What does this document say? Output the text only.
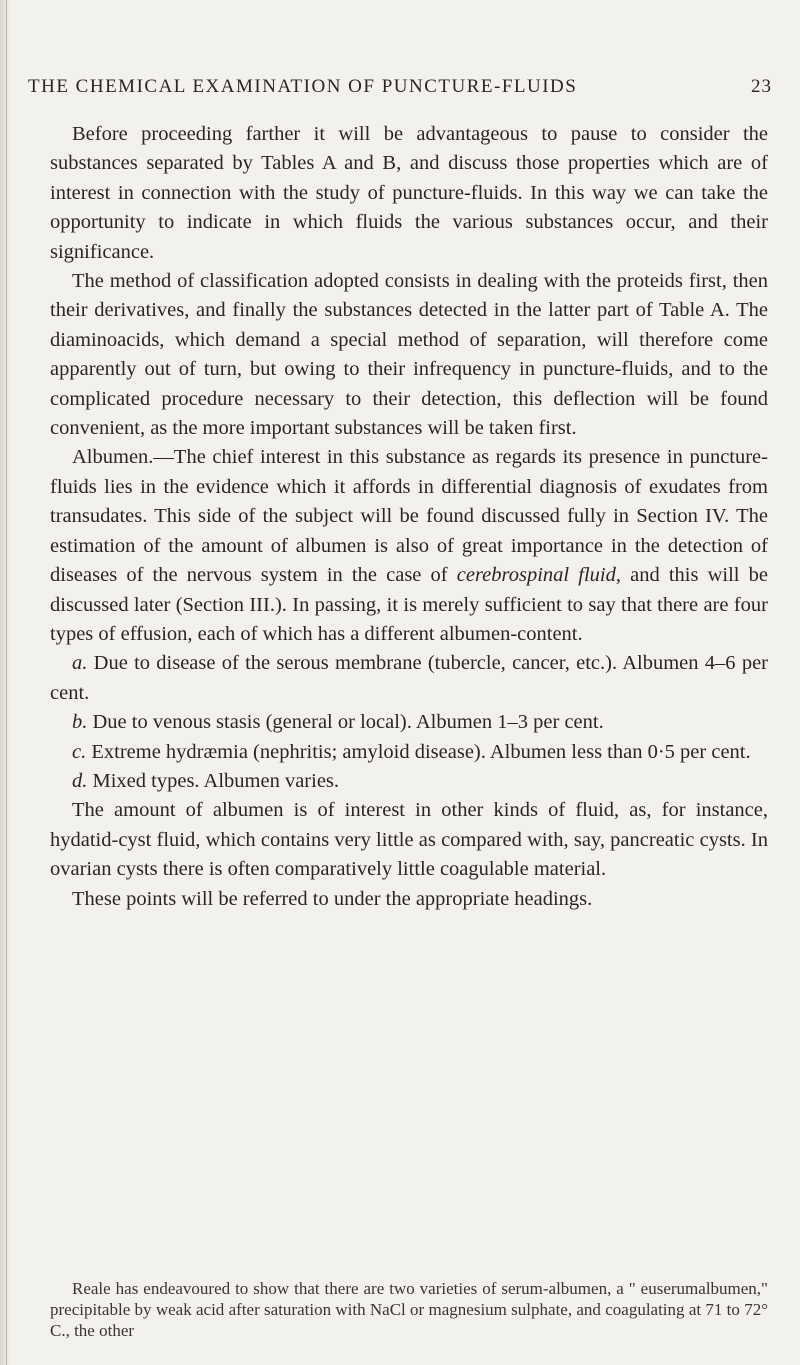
THE CHEMICAL EXAMINATION OF PUNCTURE-FLUIDS	23

Before proceeding farther it will be advantageous to pause to consider the substances separated by Tables A and B, and discuss those properties which are of interest in connection with the study of puncture-fluids. In this way we can take the opportunity to indicate in which fluids the various substances occur, and their significance.

The method of classification adopted consists in dealing with the proteids first, then their derivatives, and finally the substances detected in the latter part of Table A. The diaminoacids, which demand a special method of separation, will therefore come apparently out of turn, but owing to their infrequency in puncture-fluids, and to the complicated procedure necessary to their detection, this deflection will be found convenient, as the more important substances will be taken first.

Albumen.—The chief interest in this substance as regards its presence in puncture-fluids lies in the evidence which it affords in differential diagnosis of exudates from transudates. This side of the subject will be found discussed fully in Section IV. The estimation of the amount of albumen is also of great importance in the detection of diseases of the nervous system in the case of cerebrospinal fluid, and this will be discussed later (Section III.). In passing, it is merely sufficient to say that there are four types of effusion, each of which has a different albumen-content.

a. Due to disease of the serous membrane (tubercle, cancer, etc.). Albumen 4–6 per cent.

b. Due to venous stasis (general or local). Albumen 1–3 per cent.

c. Extreme hydræmia (nephritis; amyloid disease). Albumen less than 0·5 per cent.

d. Mixed types. Albumen varies.

The amount of albumen is of interest in other kinds of fluid, as, for instance, hydatid-cyst fluid, which contains very little as compared with, say, pancreatic cysts. In ovarian cysts there is often comparatively little coagulable material.

These points will be referred to under the appropriate headings.

Reale has endeavoured to show that there are two varieties of serum-albumen, a " euserumalbumen," precipitable by weak acid after saturation with NaCl or magnesium sulphate, and coagulating at 71 to 72° C., the other
